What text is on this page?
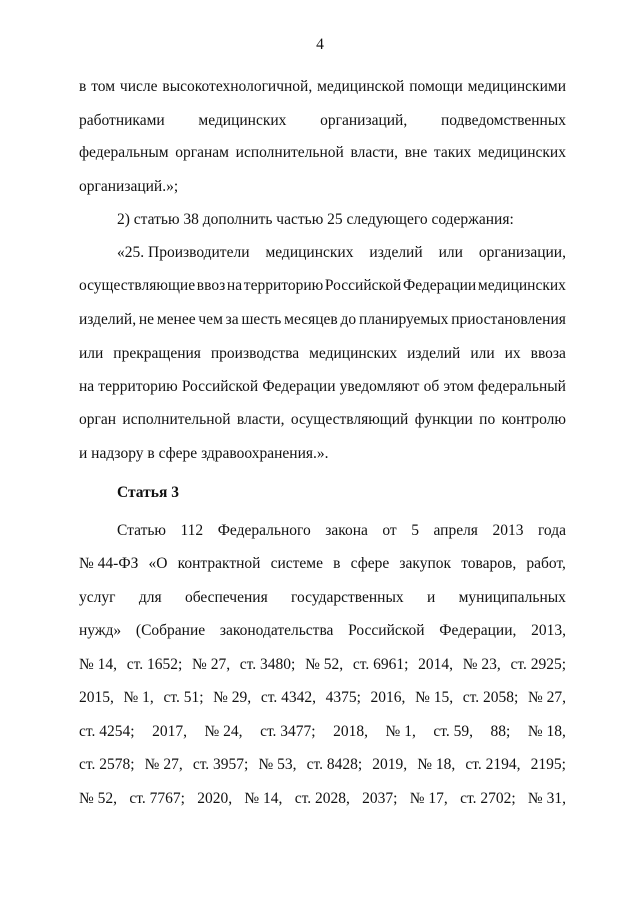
4
в том числе высокотехнологичной, медицинской помощи медицинскими
работниками медицинских организаций, подведомственных
федеральным органам исполнительной власти, вне таких медицинских
организаций.»;
2) статью 38 дополнить частью 25 следующего содержания:
«25. Производители медицинских изделий или организации,
осуществляющие ввоз на территорию Российской Федерации медицинских
изделий, не менее чем за шесть месяцев до планируемых приостановления
или прекращения производства медицинских изделий или их ввоза
на территорию Российской Федерации уведомляют об этом федеральный
орган исполнительной власти, осуществляющий функции по контролю
и надзору в сфере здравоохранения.».
Статья 3
Статью 112 Федерального закона от 5 апреля 2013 года
№ 44-ФЗ «О контрактной системе в сфере закупок товаров, работ,
услуг для обеспечения государственных и муниципальных
нужд» (Собрание законодательства Российской Федерации, 2013,
№ 14, ст. 1652; № 27, ст. 3480; № 52, ст. 6961; 2014, № 23, ст. 2925;
2015, № 1, ст. 51; № 29, ст. 4342, 4375; 2016, № 15, ст. 2058; № 27,
ст. 4254; 2017, № 24, ст. 3477; 2018, № 1, ст. 59, 88; № 18,
ст. 2578; № 27, ст. 3957; № 53, ст. 8428; 2019, № 18, ст. 2194, 2195;
№ 52, ст. 7767; 2020, № 14, ст. 2028, 2037; № 17, ст. 2702; № 31,
